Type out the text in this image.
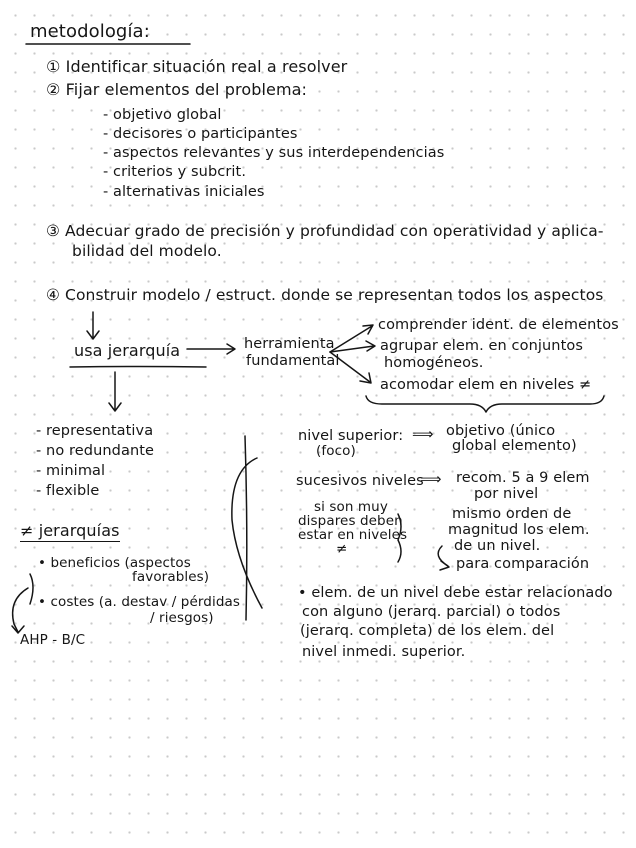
metodología:
① Identificar situación real a resolver
② Fijar elementos del problema:
- objetivo global
- decisores o participantes
- aspectos relevantes y sus interdependencias
- criterios y subcrit.
- alternativas iniciales
③ Adecuar grado de precisión y profundidad con operatividad y aplica-
bilidad del modelo.
④ Construir modelo / estruct. donde se representan todos los aspectos
usa jerarquía	herramienta
fundamental
comprender ident. de elementos
agrupar elem. en conjuntos
homogéneos.
acomodar elem en niveles ≠
- representativa
- no redundante
- minimal
- flexible
≠ jerarquías
• beneficios (aspectos
favorables)
• costes (a. destav / pérdidas
/ riesgos)
AHP - B/C
nivel superior: ⟹ objetivo (único
global elemento)
(foco)
sucesivos niveles
⟹ recom. 5 a 9 elem
por nivel
si son muy
dispares deben
estar en niveles
≠
mismo orden de
magnitud los elem.
de un nivel.
para comparación
• elem. de un nivel debe estar relacionado
con alguno (jerarq. parcial) o todos
(jerarq. completa) de los elem. del
nivel inmedi. superior.
